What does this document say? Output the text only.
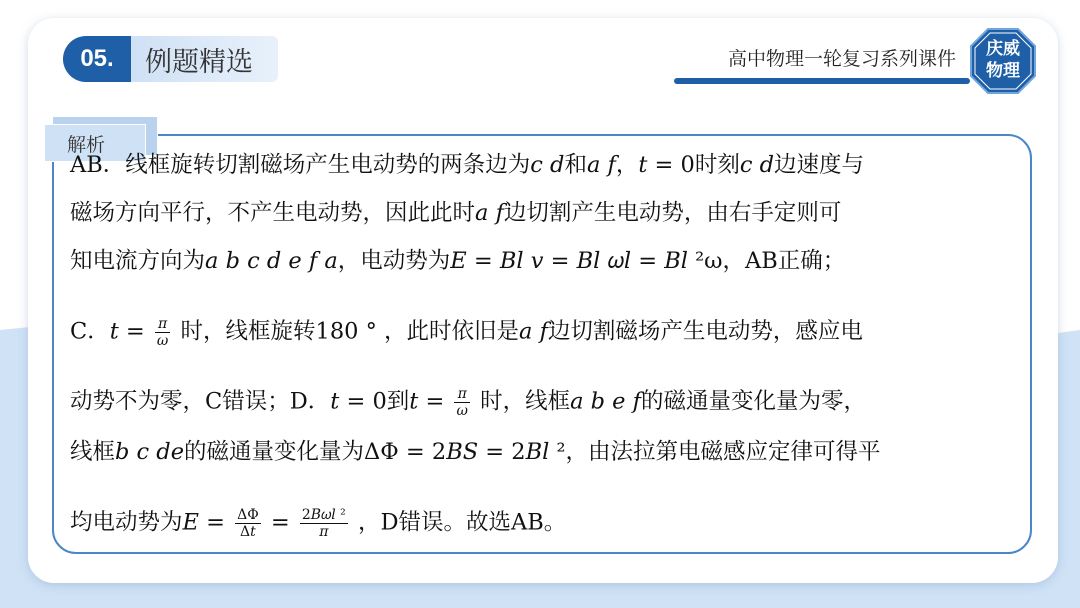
05.	例题精选	高中物理一轮复习系列课件	庆威
物理
解析
AB．线框旋转切割磁场产生电动势的两条边为𝑐 𝑑和𝑎 𝑓，𝑡 = 0时刻𝑐 𝑑边速度与
磁场方向平行，不产生电动势，因此此时𝑎 𝑓边切割产生电动势，由右手定则可
知电流方向为𝑎 𝑏 𝑐 𝑑 𝑒 𝑓 𝑎，电动势为𝐸 = 𝐵𝑙 𝑣 = 𝐵𝑙 𝜔𝑙 = 𝐵𝑙 ²ω，AB正确；
C．𝑡 = $\frac{\pi}{\omega}$ 时，线框旋转180 ° ，此时依旧是𝑎 𝑓边切割磁场产生电动势，感应电
动势不为零，C错误；D．𝑡 = 0到𝑡 = $\frac{\pi}{\omega}$ 时，线框𝑎 𝑏 𝑒 𝑓的磁通量变化量为零，
线框𝑏 𝑐 𝑑𝑒的磁通量变化量为ΔΦ = 2𝐵𝑆 = 2𝐵𝑙 ²，由法拉第电磁感应定律可得平
均电动势为𝐸 = $\frac{\Delta\Phi}{\text{Δ𝑡}} = \frac{\text{2𝐵𝜔𝑙 ²}}{\pi}$ ，D错误。故选AB。
